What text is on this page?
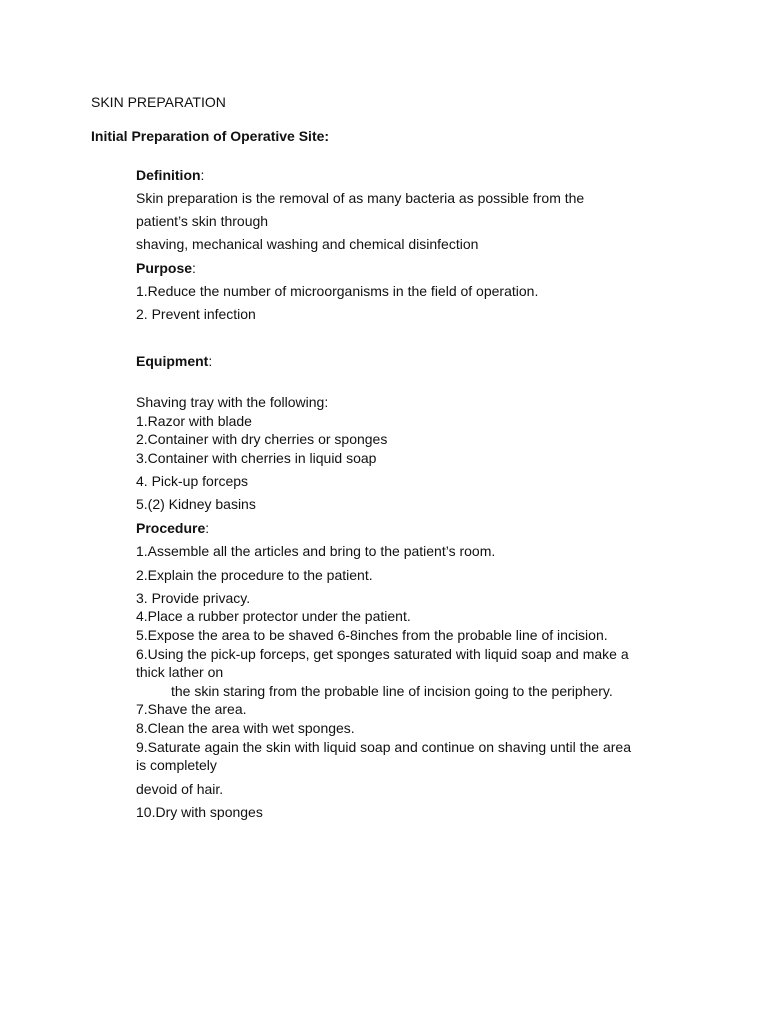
SKIN PREPARATION
Initial Preparation of Operative Site:
Definition:
Skin preparation is the removal of as many bacteria as possible from the
patient’s skin through
shaving, mechanical washing and chemical disinfection
Purpose:
1.Reduce the number of microorganisms in the field of operation.
2. Prevent infection
Equipment:
Shaving tray with the following:
1.Razor with blade
2.Container with dry cherries or sponges
3.Container with cherries in liquid soap
4. Pick-up forceps
5.(2) Kidney basins
Procedure:
1.Assemble all the articles and bring to the patient’s room.
2.Explain the procedure to the patient.
3. Provide privacy.
4.Place a rubber protector under the patient.
5.Expose the area to be shaved 6-8inches from the probable line of incision.
6.Using the pick-up forceps, get sponges saturated with liquid soap and make a
thick lather on
the skin staring from the probable line of incision going to the periphery.
7.Shave the area.
8.Clean the area with wet sponges.
9.Saturate again the skin with liquid soap and continue on shaving until the area
is completely
devoid of hair.
10.Dry with sponges
